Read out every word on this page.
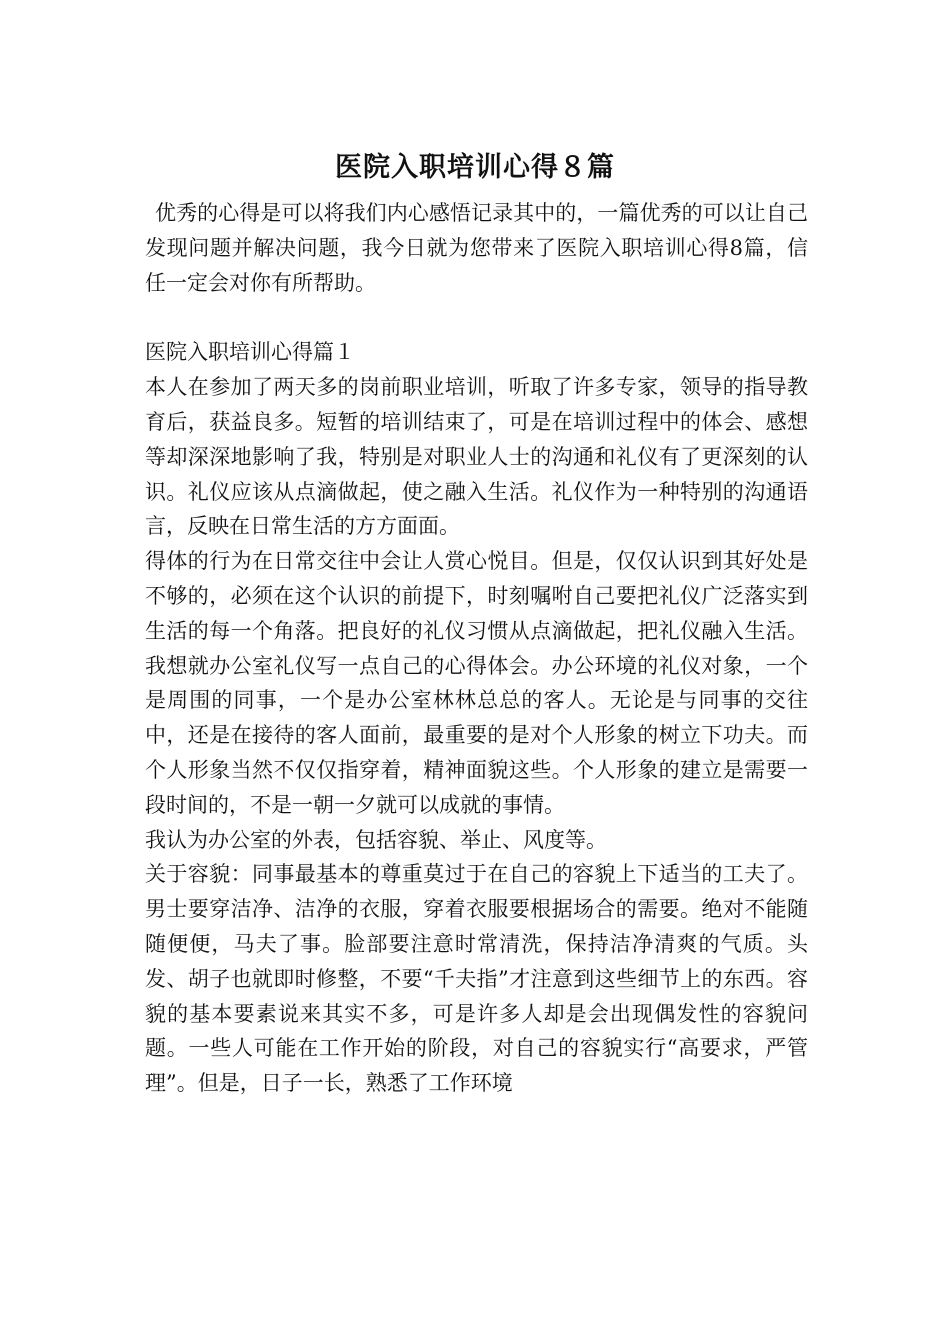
医院入职培训心得８篇

优秀的心得是可以将我们内心感悟记录其中的，一篇优秀的可以让自己发现问题并解决问题，我今日就为您带来了医院入职培训心得8篇，信任一定会对你有所帮助。

医院入职培训心得篇１

本人在参加了两天多的岗前职业培训，听取了许多专家，领导的指导教育后，获益良多。短暂的培训结束了，可是在培训过程中的体会、感想等却深深地影响了我，特别是对职业人士的沟通和礼仪有了更深刻的认识。礼仪应该从点滴做起，使之融入生活。礼仪作为一种特别的沟通语言，反映在日常生活的方方面面。

得体的行为在日常交往中会让人赏心悦目。但是，仅仅认识到其好处是不够的，必须在这个认识的前提下，时刻嘱咐自己要把礼仪广泛落实到生活的每一个角落。把良好的礼仪习惯从点滴做起，把礼仪融入生活。我想就办公室礼仪写一点自己的心得体会。办公环境的礼仪对象，一个是周围的同事，一个是办公室林林总总的客人。无论是与同事的交往中，还是在接待的客人面前，最重要的是对个人形象的树立下功夫。而个人形象当然不仅仅指穿着，精神面貌这些。个人形象的建立是需要一段时间的，不是一朝一夕就可以成就的事情。

我认为办公室的外表，包括容貌、举止、风度等。

关于容貌：同事最基本的尊重莫过于在自己的容貌上下适当的工夫了。男士要穿洁净、洁净的衣服，穿着衣服要根据场合的需要。绝对不能随随便便，马夫了事。脸部要注意时常清洗，保持洁净清爽的气质。头发、胡子也就即时修整，不要“千夫指”才注意到这些细节上的东西。容貌的基本要素说来其实不多，可是许多人却是会出现偶发性的容貌问题。一些人可能在工作开始的阶段，对自己的容貌实行“高要求，严管理”。但是，日子一长，熟悉了工作环境
